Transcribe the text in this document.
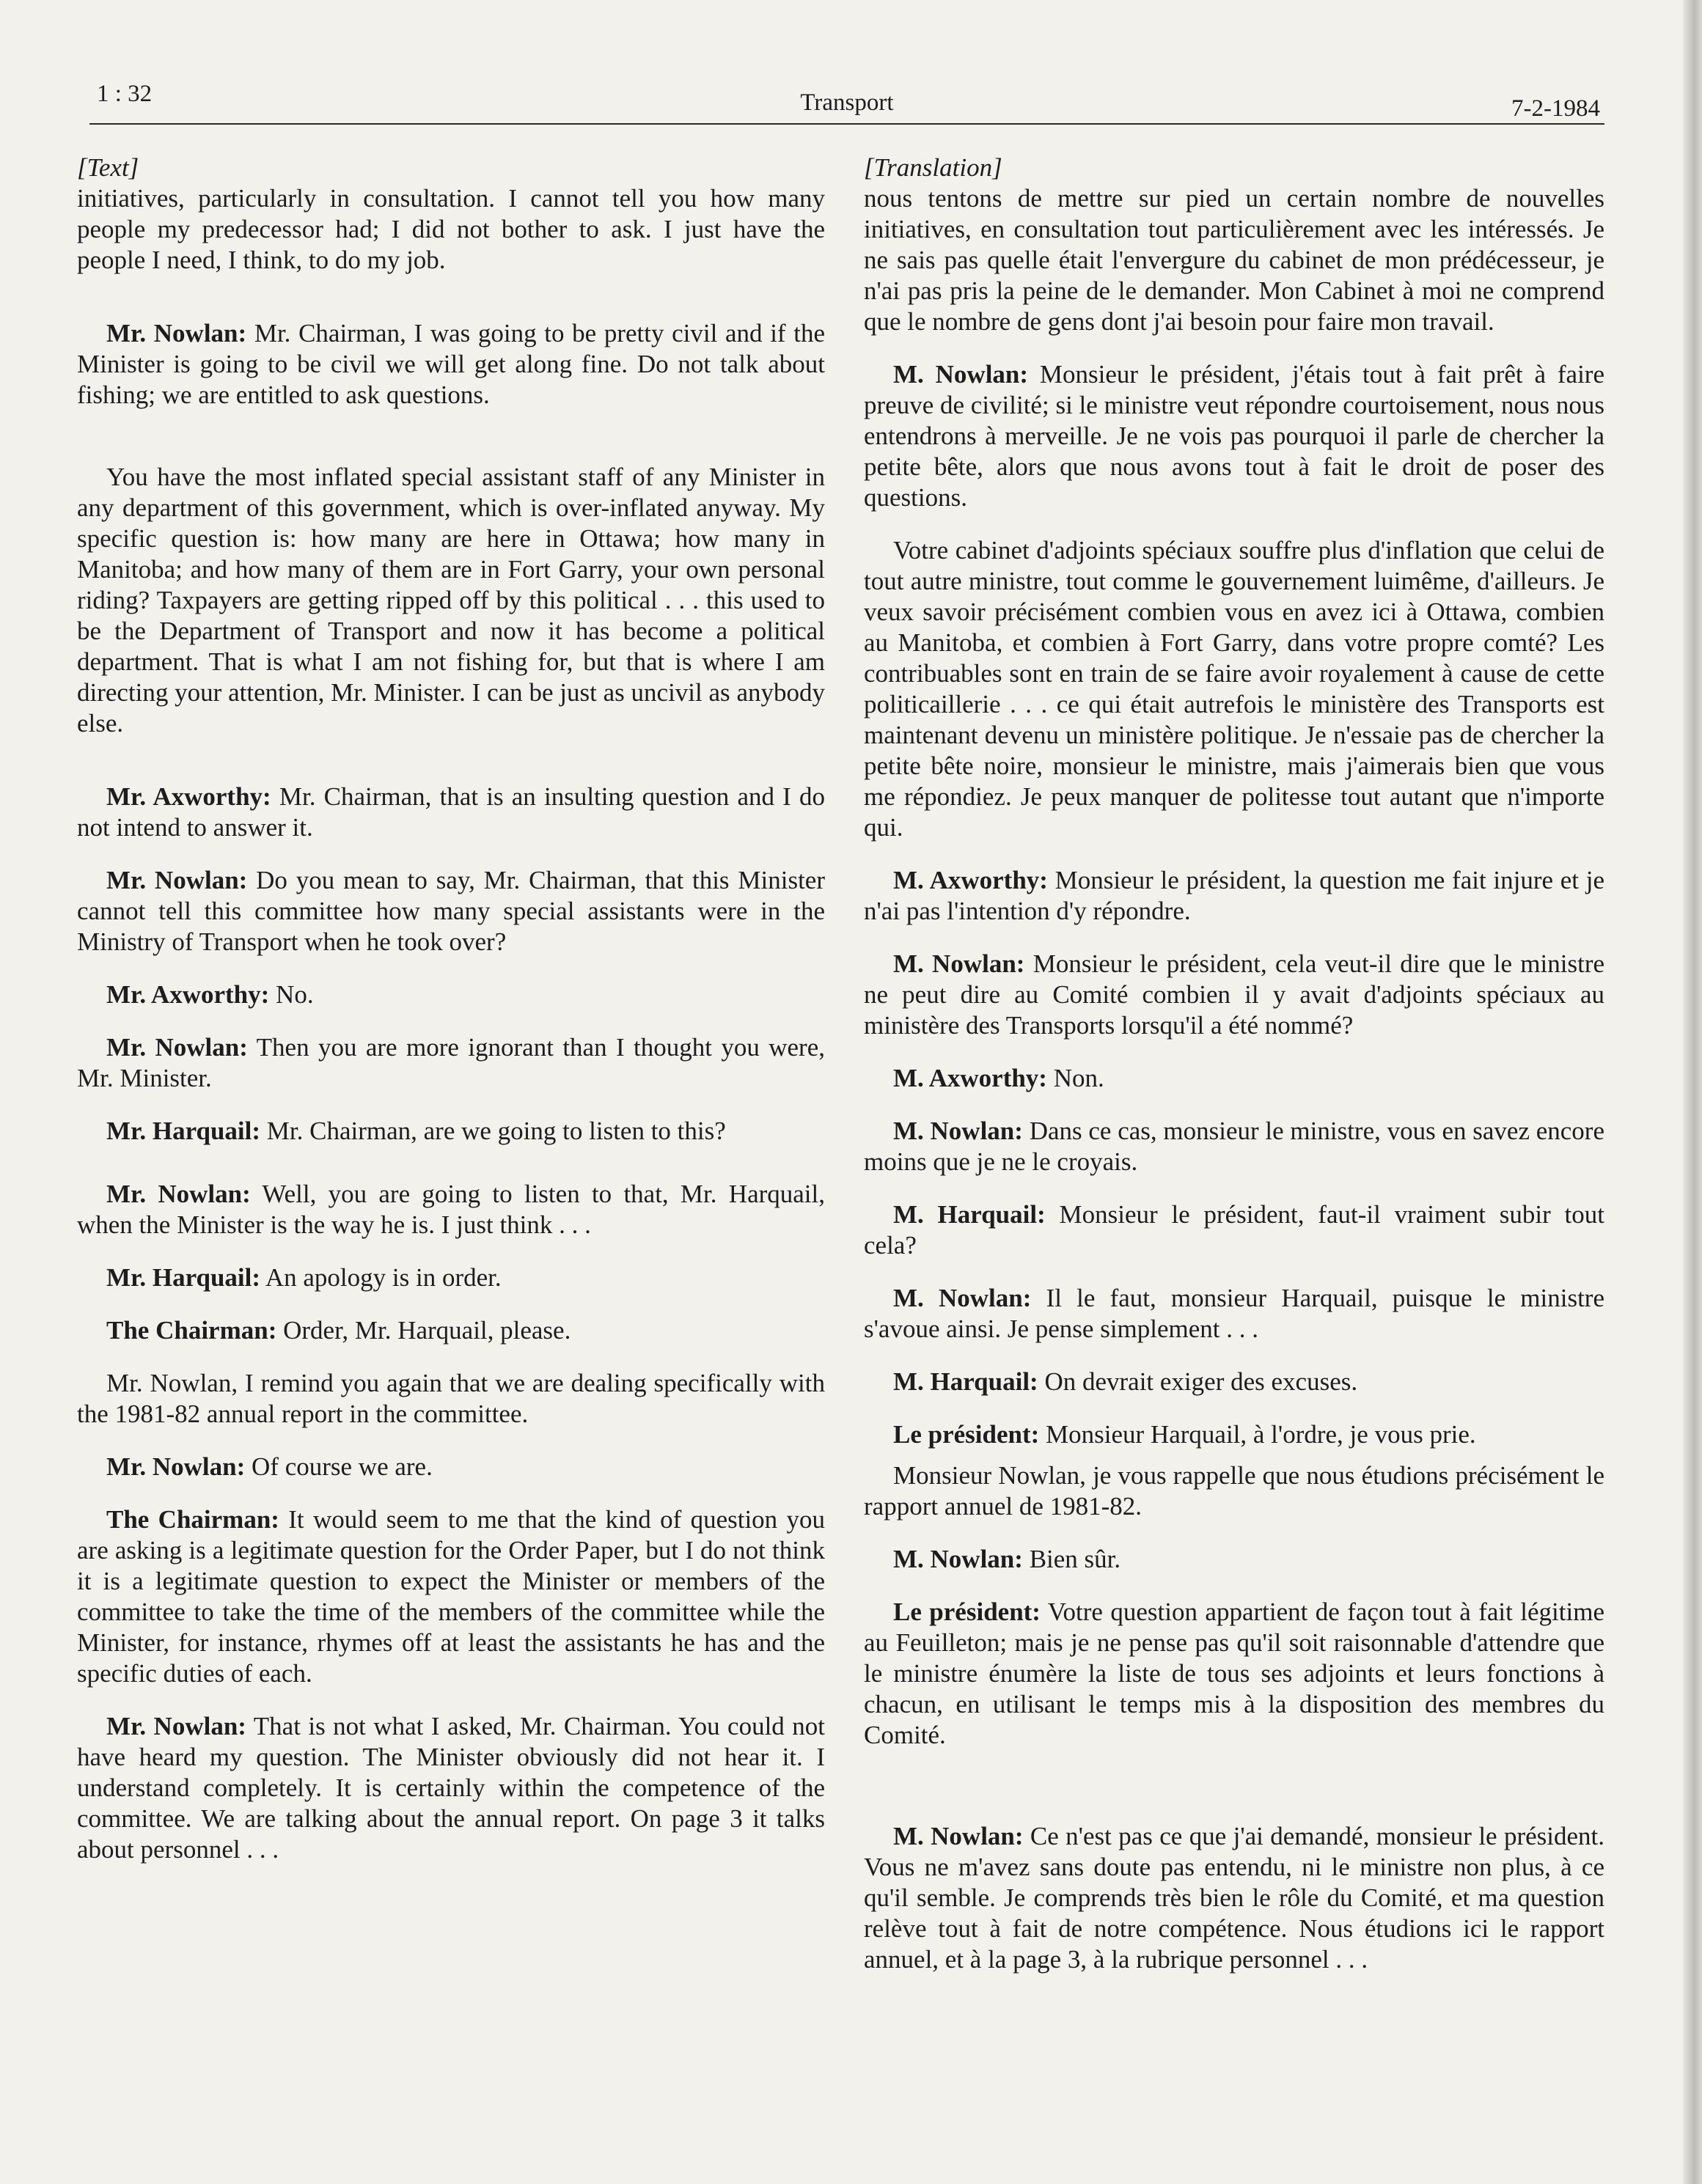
1 : 32	Transport	7-2-1984
[Text]

initiatives, particularly in consultation. I cannot tell you how many people my predecessor had; I did not bother to ask. I just have the people I need, I think, to do my job.

Mr. Nowlan: Mr. Chairman, I was going to be pretty civil and if the Minister is going to be civil we will get along fine. Do not talk about fishing; we are entitled to ask questions.

You have the most inflated special assistant staff of any Minister in any department of this government, which is over-inflated anyway. My specific question is: how many are here in Ottawa; how many in Manitoba; and how many of them are in Fort Garry, your own personal riding? Taxpayers are getting ripped off by this political . . . this used to be the Department of Transport and now it has become a political department. That is what I am not fishing for, but that is where I am directing your attention, Mr. Minister. I can be just as uncivil as anybody else.

Mr. Axworthy: Mr. Chairman, that is an insulting question and I do not intend to answer it.

Mr. Nowlan: Do you mean to say, Mr. Chairman, that this Minister cannot tell this committee how many special assistants were in the Ministry of Transport when he took over?

Mr. Axworthy: No.

Mr. Nowlan: Then you are more ignorant than I thought you were, Mr. Minister.

Mr. Harquail: Mr. Chairman, are we going to listen to this?

Mr. Nowlan: Well, you are going to listen to that, Mr. Harquail, when the Minister is the way he is. I just think . . .

Mr. Harquail: An apology is in order.

The Chairman: Order, Mr. Harquail, please.

Mr. Nowlan, I remind you again that we are dealing specifically with the 1981-82 annual report in the committee.

Mr. Nowlan: Of course we are.

The Chairman: It would seem to me that the kind of question you are asking is a legitimate question for the Order Paper, but I do not think it is a legitimate question to expect the Minister or members of the committee to take the time of the members of the committee while the Minister, for instance, rhymes off at least the assistants he has and the specific duties of each.

Mr. Nowlan: That is not what I asked, Mr. Chairman. You could not have heard my question. The Minister obviously did not hear it. I understand completely. It is certainly within the competence of the committee. We are talking about the annual report. On page 3 it talks about personnel . . .

[Translation]

nous tentons de mettre sur pied un certain nombre de nouvelles initiatives, en consultation tout particulièrement avec les intéressés. Je ne sais pas quelle était l'envergure du cabinet de mon prédécesseur, je n'ai pas pris la peine de le demander. Mon Cabinet à moi ne comprend que le nombre de gens dont j'ai besoin pour faire mon travail.

M. Nowlan: Monsieur le président, j'étais tout à fait prêt à faire preuve de civilité; si le ministre veut répondre courtoisement, nous nous entendrons à merveille. Je ne vois pas pourquoi il parle de chercher la petite bête, alors que nous avons tout à fait le droit de poser des questions.

Votre cabinet d'adjoints spéciaux souffre plus d'inflation que celui de tout autre ministre, tout comme le gouvernement luimême, d'ailleurs. Je veux savoir précisément combien vous en avez ici à Ottawa, combien au Manitoba, et combien à Fort Garry, dans votre propre comté? Les contribuables sont en train de se faire avoir royalement à cause de cette politicaillerie . . . ce qui était autrefois le ministère des Transports est maintenant devenu un ministère politique. Je n'essaie pas de chercher la petite bête noire, monsieur le ministre, mais j'aimerais bien que vous me répondiez. Je peux manquer de politesse tout autant que n'importe qui.

M. Axworthy: Monsieur le président, la question me fait injure et je n'ai pas l'intention d'y répondre.

M. Nowlan: Monsieur le président, cela veut-il dire que le ministre ne peut dire au Comité combien il y avait d'adjoints spéciaux au ministère des Transports lorsqu'il a été nommé?

M. Axworthy: Non.

M. Nowlan: Dans ce cas, monsieur le ministre, vous en savez encore moins que je ne le croyais.

M. Harquail: Monsieur le président, faut-il vraiment subir tout cela?

M. Nowlan: Il le faut, monsieur Harquail, puisque le ministre s'avoue ainsi. Je pense simplement . . .

M. Harquail: On devrait exiger des excuses.

Le président: Monsieur Harquail, à l'ordre, je vous prie.

Monsieur Nowlan, je vous rappelle que nous étudions précisément le rapport annuel de 1981-82.

M. Nowlan: Bien sûr.

Le président: Votre question appartient de façon tout à fait légitime au Feuilleton; mais je ne pense pas qu'il soit raisonnable d'attendre que le ministre énumère la liste de tous ses adjoints et leurs fonctions à chacun, en utilisant le temps mis à la disposition des membres du Comité.

M. Nowlan: Ce n'est pas ce que j'ai demandé, monsieur le président. Vous ne m'avez sans doute pas entendu, ni le ministre non plus, à ce qu'il semble. Je comprends très bien le rôle du Comité, et ma question relève tout à fait de notre compétence. Nous étudions ici le rapport annuel, et à la page 3, à la rubrique personnel . . .
